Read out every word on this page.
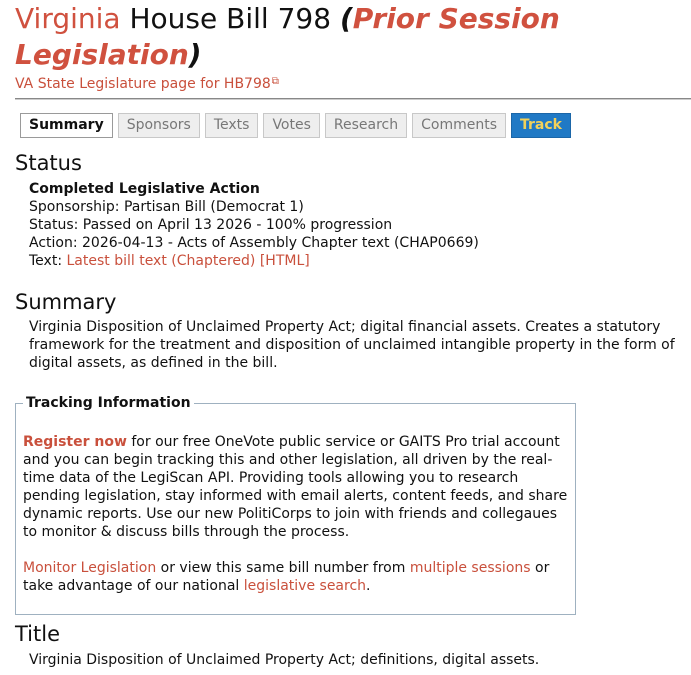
Virginia House Bill 798 (Prior Session Legislation)
VA State Legislature page for HB798⧉
Summary	Sponsors	Texts	Votes	Research	Comments	Track
Status
Completed Legislative Action
Sponsorship: Partisan Bill (Democrat 1)
Status: Passed on April 13 2026 - 100% progression
Action: 2026-04-13 - Acts of Assembly Chapter text (CHAP0669)
Text: Latest bill text (Chaptered) [HTML]
Summary
Virginia Disposition of Unclaimed Property Act; digital financial assets. Creates a statutory framework for the treatment and disposition of unclaimed intangible property in the form of digital assets, as defined in the bill.
Tracking Information
Register now for our free OneVote public service or GAITS Pro trial account and you can begin tracking this and other legislation, all driven by the real-time data of the LegiScan API. Providing tools allowing you to research pending legislation, stay informed with email alerts, content feeds, and share dynamic reports. Use our new PolitiCorps to join with friends and collegaues to monitor & discuss bills through the process.
Monitor Legislation or view this same bill number from multiple sessions or take advantage of our national legislative search.
Title
Virginia Disposition of Unclaimed Property Act; definitions, digital assets.
